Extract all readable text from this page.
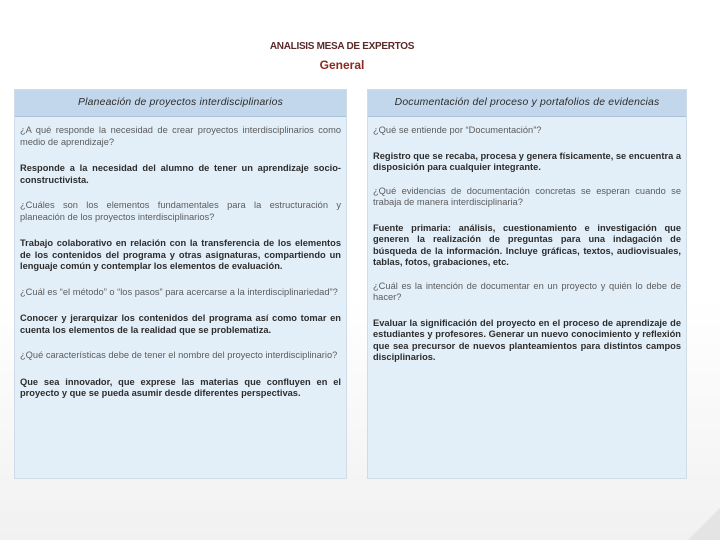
ANALISIS MESA DE EXPERTOS
General
Planeación de proyectos interdisciplinarios

¿A qué responde la necesidad de crear proyectos interdisciplinarios como medio de aprendizaje?

Responde a la necesidad del alumno de tener un aprendizaje socio-constructivista.

¿Cuáles son los elementos fundamentales para la estructuración y planeación de los proyectos interdisciplinarios?

Trabajo colaborativo en relación con la transferencia de los elementos de los contenidos del programa y otras asignaturas, compartiendo un lenguaje común y contemplar los elementos de evaluación.

¿Cuál es “el método” o “los pasos” para acercarse a la interdisciplinariedad”?

Conocer y jerarquizar los contenidos del programa así como tomar en cuenta los elementos de la realidad que se problematiza.

¿Qué características debe de tener el nombre del proyecto interdisciplinario?

Que sea innovador, que exprese las materias que confluyen en el proyecto y que se pueda asumir desde diferentes perspectivas.

Documentación del proceso y portafolios de evidencias

¿Qué se entiende por “Documentación”?

Registro que se recaba, procesa y genera físicamente, se encuentra a disposición para cualquier integrante.

¿Qué evidencias de documentación concretas se esperan cuando se trabaja de manera interdisciplinaria?

Fuente primaria: análisis, cuestionamiento e investigación que generen la realización de preguntas para una indagación de búsqueda de la información. Incluye gráficas, textos, audiovisuales, tablas, fotos, grabaciones, etc.

¿Cuál es la intención de documentar en un proyecto y quién lo debe de hacer?

Evaluar la significación del proyecto en el proceso de aprendizaje de estudiantes y profesores. Generar un nuevo conocimiento y reflexión que sea precursor de nuevos planteamientos para distintos campos disciplinarios.
